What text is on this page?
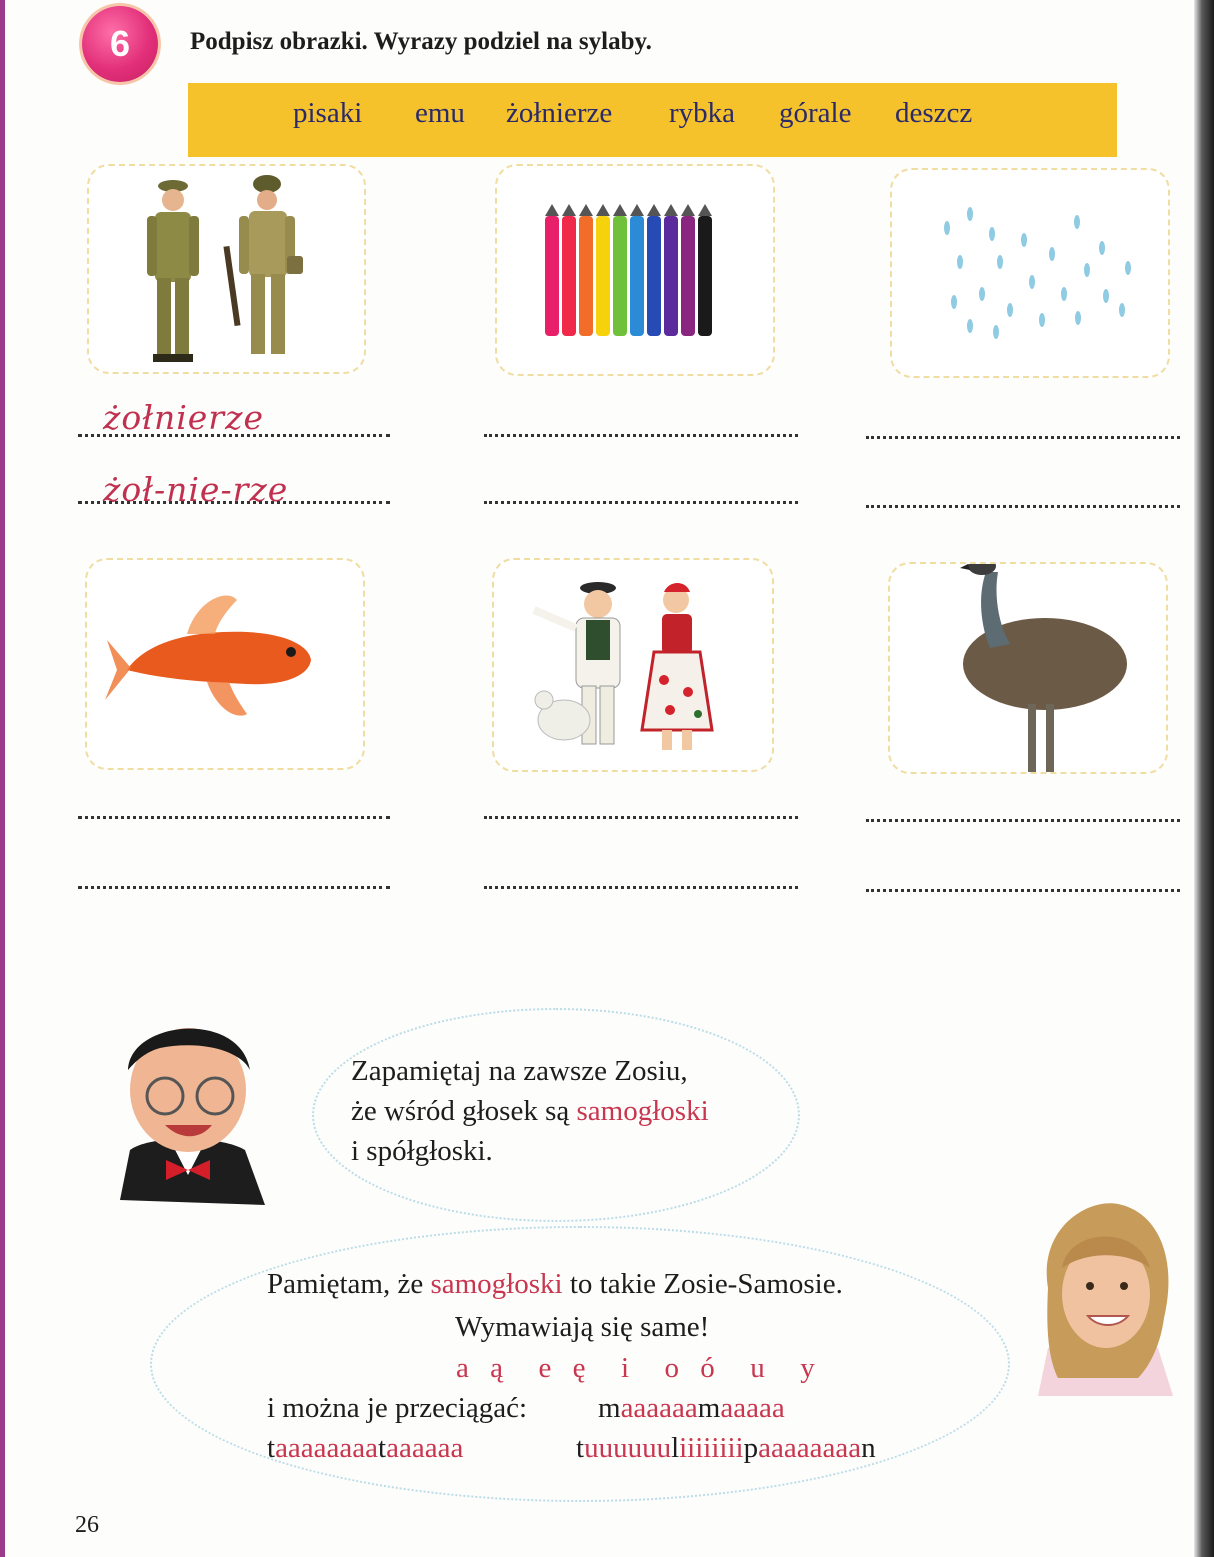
6	Podpisz obrazki. Wyrazy podziel na sylaby.
pisaki emu żołnierze rybka górale deszcz
żołnierze
żoł-nie-rze
Zapamiętaj na zawsze Zosiu,
że wśród głosek są samogłoski
i spółgłoski.
Pamiętam, że samogłoski to takie Zosie-Samosie.
Wymawiają się same!
a ą  e ę  i  o ó  u  y
i można je przeciągać: maaaaaamaaaaa
taaaaaaaataaaaaa	tuuuuuuliiiiiiiipaaaaaaaan
26
